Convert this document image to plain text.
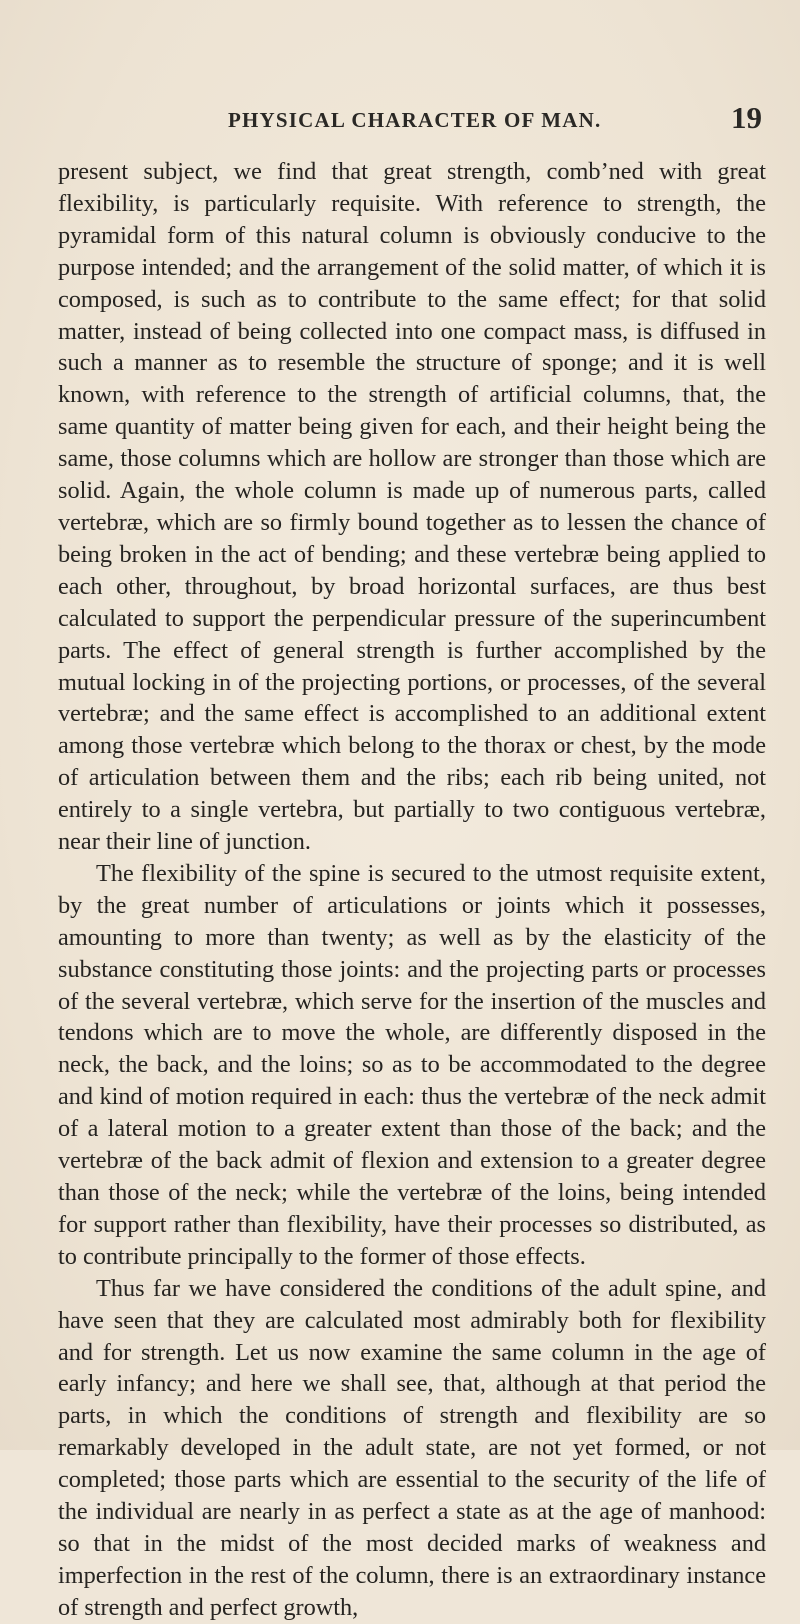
PHYSICAL CHARACTER OF MAN.	19

present subject, we find that great strength, comb’ned with great flexibility, is particularly requisite. With reference to strength, the pyramidal form of this natural column is obviously conducive to the purpose intended; and the arrangement of the solid matter, of which it is composed, is such as to contribute to the same effect; for that solid matter, instead of being collected into one compact mass, is diffused in such a manner as to resemble the structure of sponge; and it is well known, with reference to the strength of artificial columns, that, the same quantity of matter being given for each, and their height being the same, those columns which are hollow are stronger than those which are solid. Again, the whole column is made up of numerous parts, called vertebræ, which are so firmly bound together as to lessen the chance of being broken in the act of bending; and these vertebræ being applied to each other, throughout, by broad horizontal surfaces, are thus best calculated to support the perpendicular pressure of the superincumbent parts. The effect of general strength is further accomplished by the mutual locking in of the projecting portions, or processes, of the several vertebræ; and the same effect is accomplished to an additional extent among those vertebræ which belong to the thorax or chest, by the mode of articulation between them and the ribs; each rib being united, not entirely to a single vertebra, but partially to two contiguous vertebræ, near their line of junction.

The flexibility of the spine is secured to the utmost requisite extent, by the great number of articulations or joints which it possesses, amounting to more than twenty; as well as by the elasticity of the substance constituting those joints: and the projecting parts or processes of the several vertebræ, which serve for the insertion of the muscles and tendons which are to move the whole, are differently disposed in the neck, the back, and the loins; so as to be accommodated to the degree and kind of motion required in each: thus the vertebræ of the neck admit of a lateral motion to a greater extent than those of the back; and the vertebræ of the back admit of flexion and extension to a greater degree than those of the neck; while the vertebræ of the loins, being intended for support rather than flexibility, have their processes so distributed, as to contribute principally to the former of those effects.

Thus far we have considered the conditions of the adult spine, and have seen that they are calculated most admirably both for flexibility and for strength. Let us now examine the same column in the age of early infancy; and here we shall see, that, although at that period the parts, in which the conditions of strength and flexibility are so remarkably developed in the adult state, are not yet formed, or not completed; those parts which are essential to the security of the life of the individual are nearly in as perfect a state as at the age of manhood: so that in the midst of the most decided marks of weakness and imperfection in the rest of the column, there is an extraordinary instance of strength and perfect growth,
